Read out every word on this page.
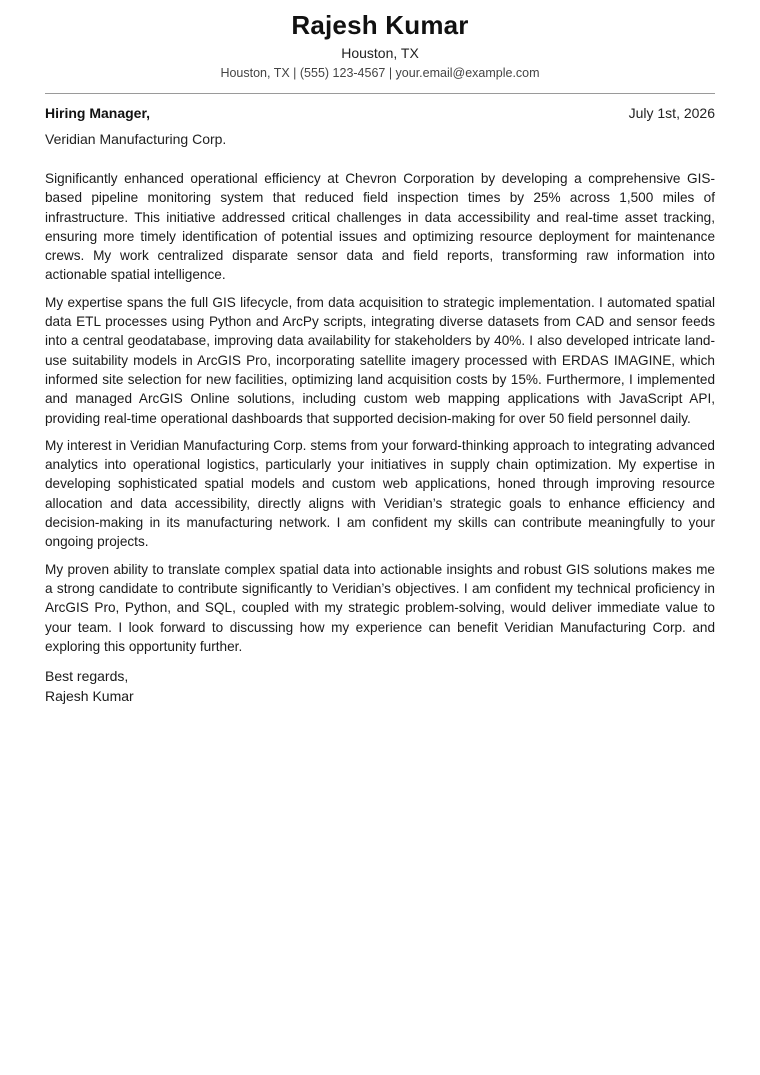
Rajesh Kumar
Houston, TX
Houston, TX | (555) 123-4567 | your.email@example.com
Hiring Manager,	July 1st, 2026
Veridian Manufacturing Corp.

Significantly enhanced operational efficiency at Chevron Corporation by developing a comprehensive GIS-based pipeline monitoring system that reduced field inspection times by 25% across 1,500 miles of infrastructure. This initiative addressed critical challenges in data accessibility and real-time asset tracking, ensuring more timely identification of potential issues and optimizing resource deployment for maintenance crews. My work centralized disparate sensor data and field reports, transforming raw information into actionable spatial intelligence.

My expertise spans the full GIS lifecycle, from data acquisition to strategic implementation. I automated spatial data ETL processes using Python and ArcPy scripts, integrating diverse datasets from CAD and sensor feeds into a central geodatabase, improving data availability for stakeholders by 40%. I also developed intricate land-use suitability models in ArcGIS Pro, incorporating satellite imagery processed with ERDAS IMAGINE, which informed site selection for new facilities, optimizing land acquisition costs by 15%. Furthermore, I implemented and managed ArcGIS Online solutions, including custom web mapping applications with JavaScript API, providing real-time operational dashboards that supported decision-making for over 50 field personnel daily.

My interest in Veridian Manufacturing Corp. stems from your forward-thinking approach to integrating advanced analytics into operational logistics, particularly your initiatives in supply chain optimization. My expertise in developing sophisticated spatial models and custom web applications, honed through improving resource allocation and data accessibility, directly aligns with Veridian’s strategic goals to enhance efficiency and decision-making in its manufacturing network. I am confident my skills can contribute meaningfully to your ongoing projects.

My proven ability to translate complex spatial data into actionable insights and robust GIS solutions makes me a strong candidate to contribute significantly to Veridian’s objectives. I am confident my technical proficiency in ArcGIS Pro, Python, and SQL, coupled with my strategic problem-solving, would deliver immediate value to your team. I look forward to discussing how my experience can benefit Veridian Manufacturing Corp. and exploring this opportunity further.

Best regards,
Rajesh Kumar
